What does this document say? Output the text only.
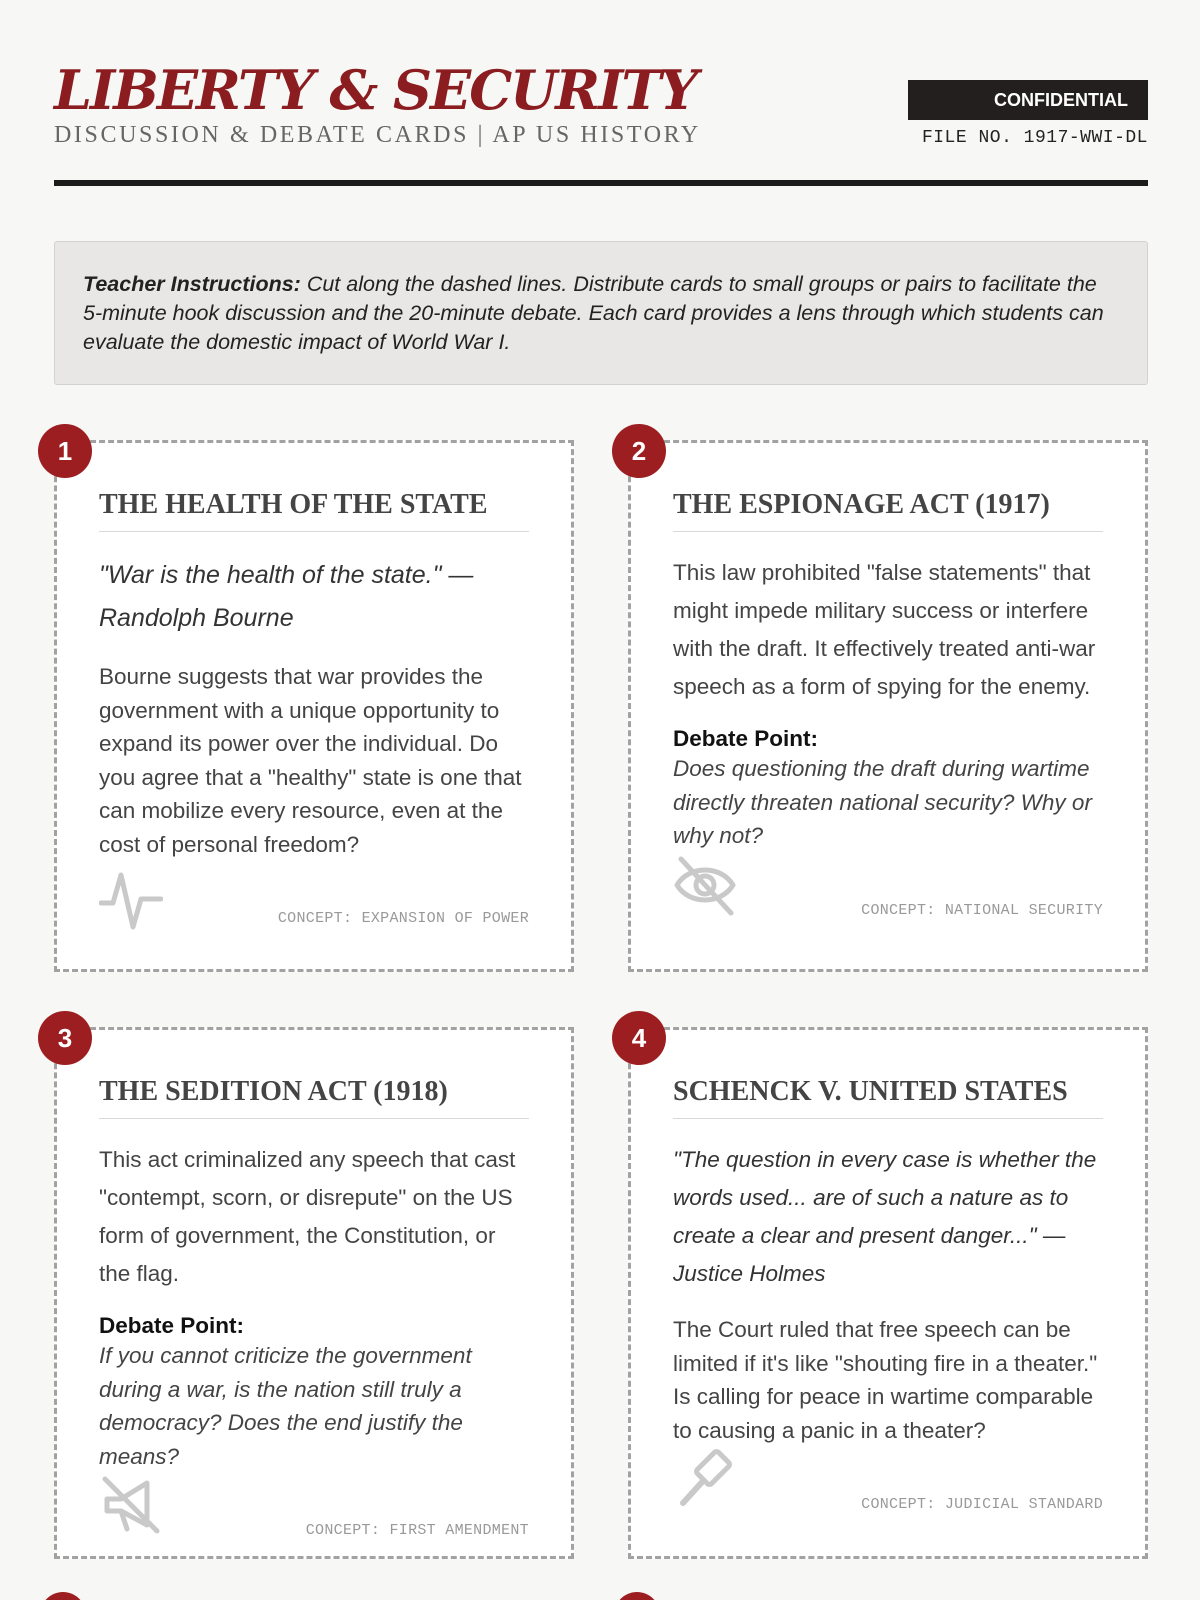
LIBERTY & SECURITY
DISCUSSION & DEBATE CARDS | AP US HISTORY
CONFIDENTIAL
FILE NO. 1917-WWI-DL
Teacher Instructions: Cut along the dashed lines. Distribute cards to small groups or pairs to facilitate the 5-minute hook discussion and the 20-minute debate. Each card provides a lens through which students can evaluate the domestic impact of World War I.
1
THE HEALTH OF THE STATE
"War is the health of the state." — Randolph Bourne
Bourne suggests that war provides the government with a unique opportunity to expand its power over the individual. Do you agree that a "healthy" state is one that can mobilize every resource, even at the cost of personal freedom?
CONCEPT: EXPANSION OF POWER
2
THE ESPIONAGE ACT (1917)
This law prohibited "false statements" that might impede military success or interfere with the draft. It effectively treated anti-war speech as a form of spying for the enemy.
Debate Point:
Does questioning the draft during wartime directly threaten national security? Why or why not?
CONCEPT: NATIONAL SECURITY
3
THE SEDITION ACT (1918)
This act criminalized any speech that cast "contempt, scorn, or disrepute" on the US form of government, the Constitution, or the flag.
Debate Point:
If you cannot criticize the government during a war, is the nation still truly a democracy? Does the end justify the means?
CONCEPT: FIRST AMENDMENT
4
SCHENCK V. UNITED STATES
"The question in every case is whether the words used... are of such a nature as to create a clear and present danger..." — Justice Holmes
The Court ruled that free speech can be limited if it's like "shouting fire in a theater." Is calling for peace in wartime comparable to causing a panic in a theater?
CONCEPT: JUDICIAL STANDARD
